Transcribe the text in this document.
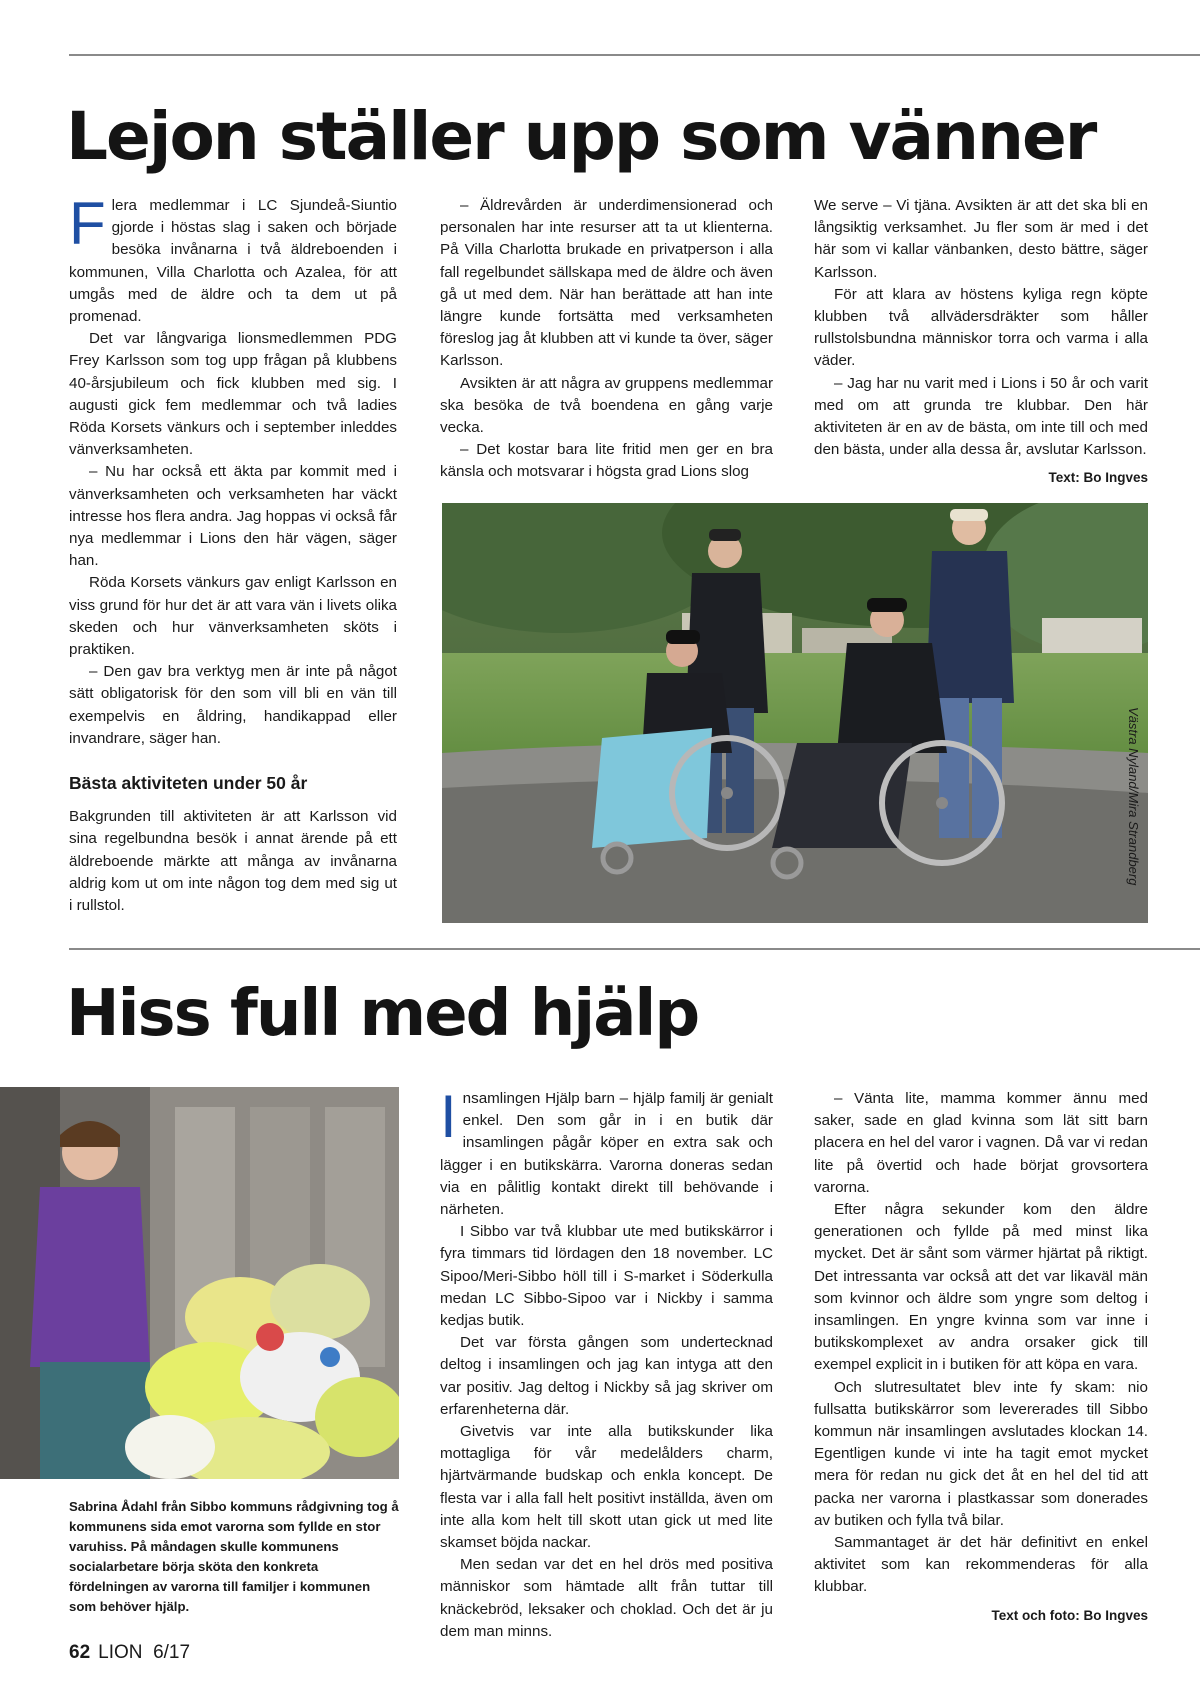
Lejon ställer upp som vänner

Flera medlemmar i LC Sjundeå-Siuntio gjorde i höstas slag i saken och började besöka invånarna i två äldreboenden i kommunen, Villa Charlotta och Azalea, för att umgås med de äldre och ta dem ut på promenad.

Det var långvariga lionsmedlemmen PDG Frey Karlsson som tog upp frågan på klubbens 40-årsjubileum och fick klubben med sig. I augusti gick fem medlemmar och två ladies Röda Korsets vänkurs och i september inleddes vänverksamheten.

– Nu har också ett äkta par kommit med i vänverksamheten och verksamheten har väckt intresse hos flera andra. Jag hoppas vi också får nya medlemmar i Lions den här vägen, säger han.

Röda Korsets vänkurs gav enligt Karlsson en viss grund för hur det är att vara vän i livets olika skeden och hur vänverksamheten sköts i praktiken.

– Den gav bra verktyg men är inte på något sätt obligatorisk för den som vill bli en vän till exempelvis en åldring, handikappad eller invandrare, säger han.

Bästa aktiviteten under 50 år

Bakgrunden till aktiviteten är att Karlsson vid sina regelbundna besök i annat ärende på ett äldreboende märkte att många av invånarna aldrig kom ut om inte någon tog dem med sig ut i rullstol.

– Äldrevården är underdimensionerad och personalen har inte resurser att ta ut klienterna. På Villa Charlotta brukade en privatperson i alla fall regelbundet sällskapa med de äldre och även gå ut med dem. När han berättade att han inte längre kunde fortsätta med verksamheten föreslog jag åt klubben att vi kunde ta över, säger Karlsson.

Avsikten är att några av gruppens medlemmar ska besöka de två boendena en gång varje vecka.

– Det kostar bara lite fritid men ger en bra känsla och motsvarar i högsta grad Lions slog

We serve – Vi tjäna. Avsikten är att det ska bli en långsiktig verksamhet. Ju fler som är med i det här som vi kallar vänbanken, desto bättre, säger Karlsson.

För att klara av höstens kyliga regn köpte klubben två allvädersdräkter som håller rullstolsbundna människor torra och varma i alla väder.

– Jag har nu varit med i Lions i 50 år och varit med om att grunda tre klubbar. Den här aktiviteten är en av de bästa, om inte till och med den bästa, under alla dessa år, avslutar Karlsson.

Text: Bo Ingves
Västra Nyland/Mira Strandberg
Hiss full med hjälp
Sabrina Ådahl från Sibbo kommuns rådgivning tog å kommunens sida emot varorna som fyllde en stor varuhiss. På måndagen skulle kommunens socialarbetare börja sköta den konkreta fördelningen av varorna till familjer i kommunen som behöver hjälp.

Insamlingen Hjälp barn – hjälp familj är genialt enkel. Den som går in i en butik där insamlingen pågår köper en extra sak och lägger i en butikskärra. Varorna doneras sedan via en pålitlig kontakt direkt till behövande i närheten.

I Sibbo var två klubbar ute med butikskärror i fyra timmars tid lördagen den 18 november. LC Sipoo/Meri-Sibbo höll till i S-market i Söderkulla medan LC Sibbo-Sipoo var i Nickby i samma kedjas butik.

Det var första gången som undertecknad deltog i insamlingen och jag kan intyga att den var positiv. Jag deltog i Nickby så jag skriver om erfarenheterna där.

Givetvis var inte alla butikskunder lika mottagliga för vår medelålders charm, hjärtvärmande budskap och enkla koncept. De flesta var i alla fall helt positivt inställda, även om inte alla kom helt till skott utan gick ut med lite skamset böjda nackar.

Men sedan var det en hel drös med positiva människor som hämtade allt från tuttar till knäckebröd, leksaker och choklad. Och det är ju dem man minns.

– Vänta lite, mamma kommer ännu med saker, sade en glad kvinna som lät sitt barn placera en hel del varor i vagnen. Då var vi redan lite på övertid och hade börjat grovsortera varorna.

Efter några sekunder kom den äldre generationen och fyllde på med minst lika mycket. Det är sånt som värmer hjärtat på riktigt. Det intressanta var också att det var likaväl män som kvinnor och äldre som yngre som deltog i insamlingen. En yngre kvinna som var inne i butikskomplexet av andra orsaker gick till exempel explicit in i butiken för att köpa en vara.

Och slutresultatet blev inte fy skam: nio fullsatta butikskärror som levererades till Sibbo kommun när insamlingen avslutades klockan 14. Egentligen kunde vi inte ha tagit emot mycket mera för redan nu gick det åt en hel del tid att packa ner varorna i plastkassar som donerades av butiken och fylla två bilar.

Sammantaget är det här definitivt en enkel aktivitet som kan rekommenderas för alla klubbar.

Text och foto: Bo Ingves
62 LION 6/17
